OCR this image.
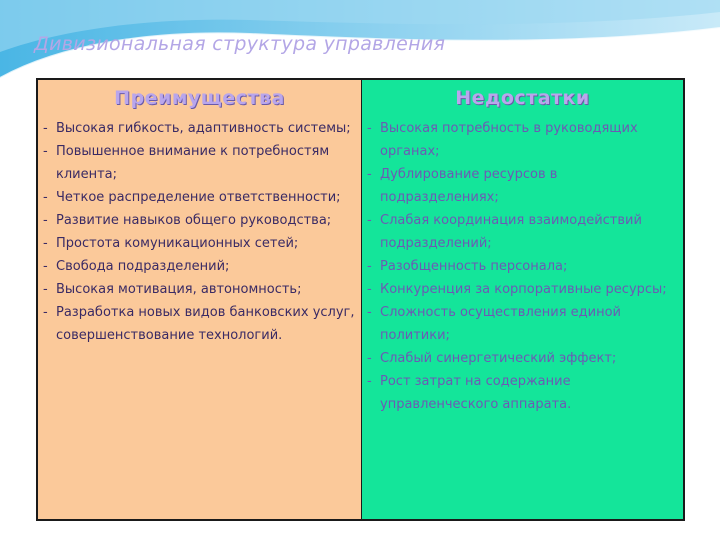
Дивизиональная структура управления
Преимущества
- Высокая гибкость, адаптивность системы;
- Повышенное внимание к потребностям клиента;
- Четкое распределение ответственности;
- Развитие навыков общего руководства;
- Простота комуникационных сетей;
- Свобода подразделений;
- Высокая мотивация, автономность;
- Разработка новых видов банковских услуг, совершенствование технологий.
Недостатки
- Высокая потребность в руководящих органах;
- Дублирование ресурсов в подразделениях;
- Слабая координация взаимодействий подразделений;
- Разобщенность персонала;
- Конкуренция за корпоративные ресурсы;
- Сложность осуществления единой политики;
- Слабый синергетический эффект;
- Рост затрат на содержание управленческого аппарата.
